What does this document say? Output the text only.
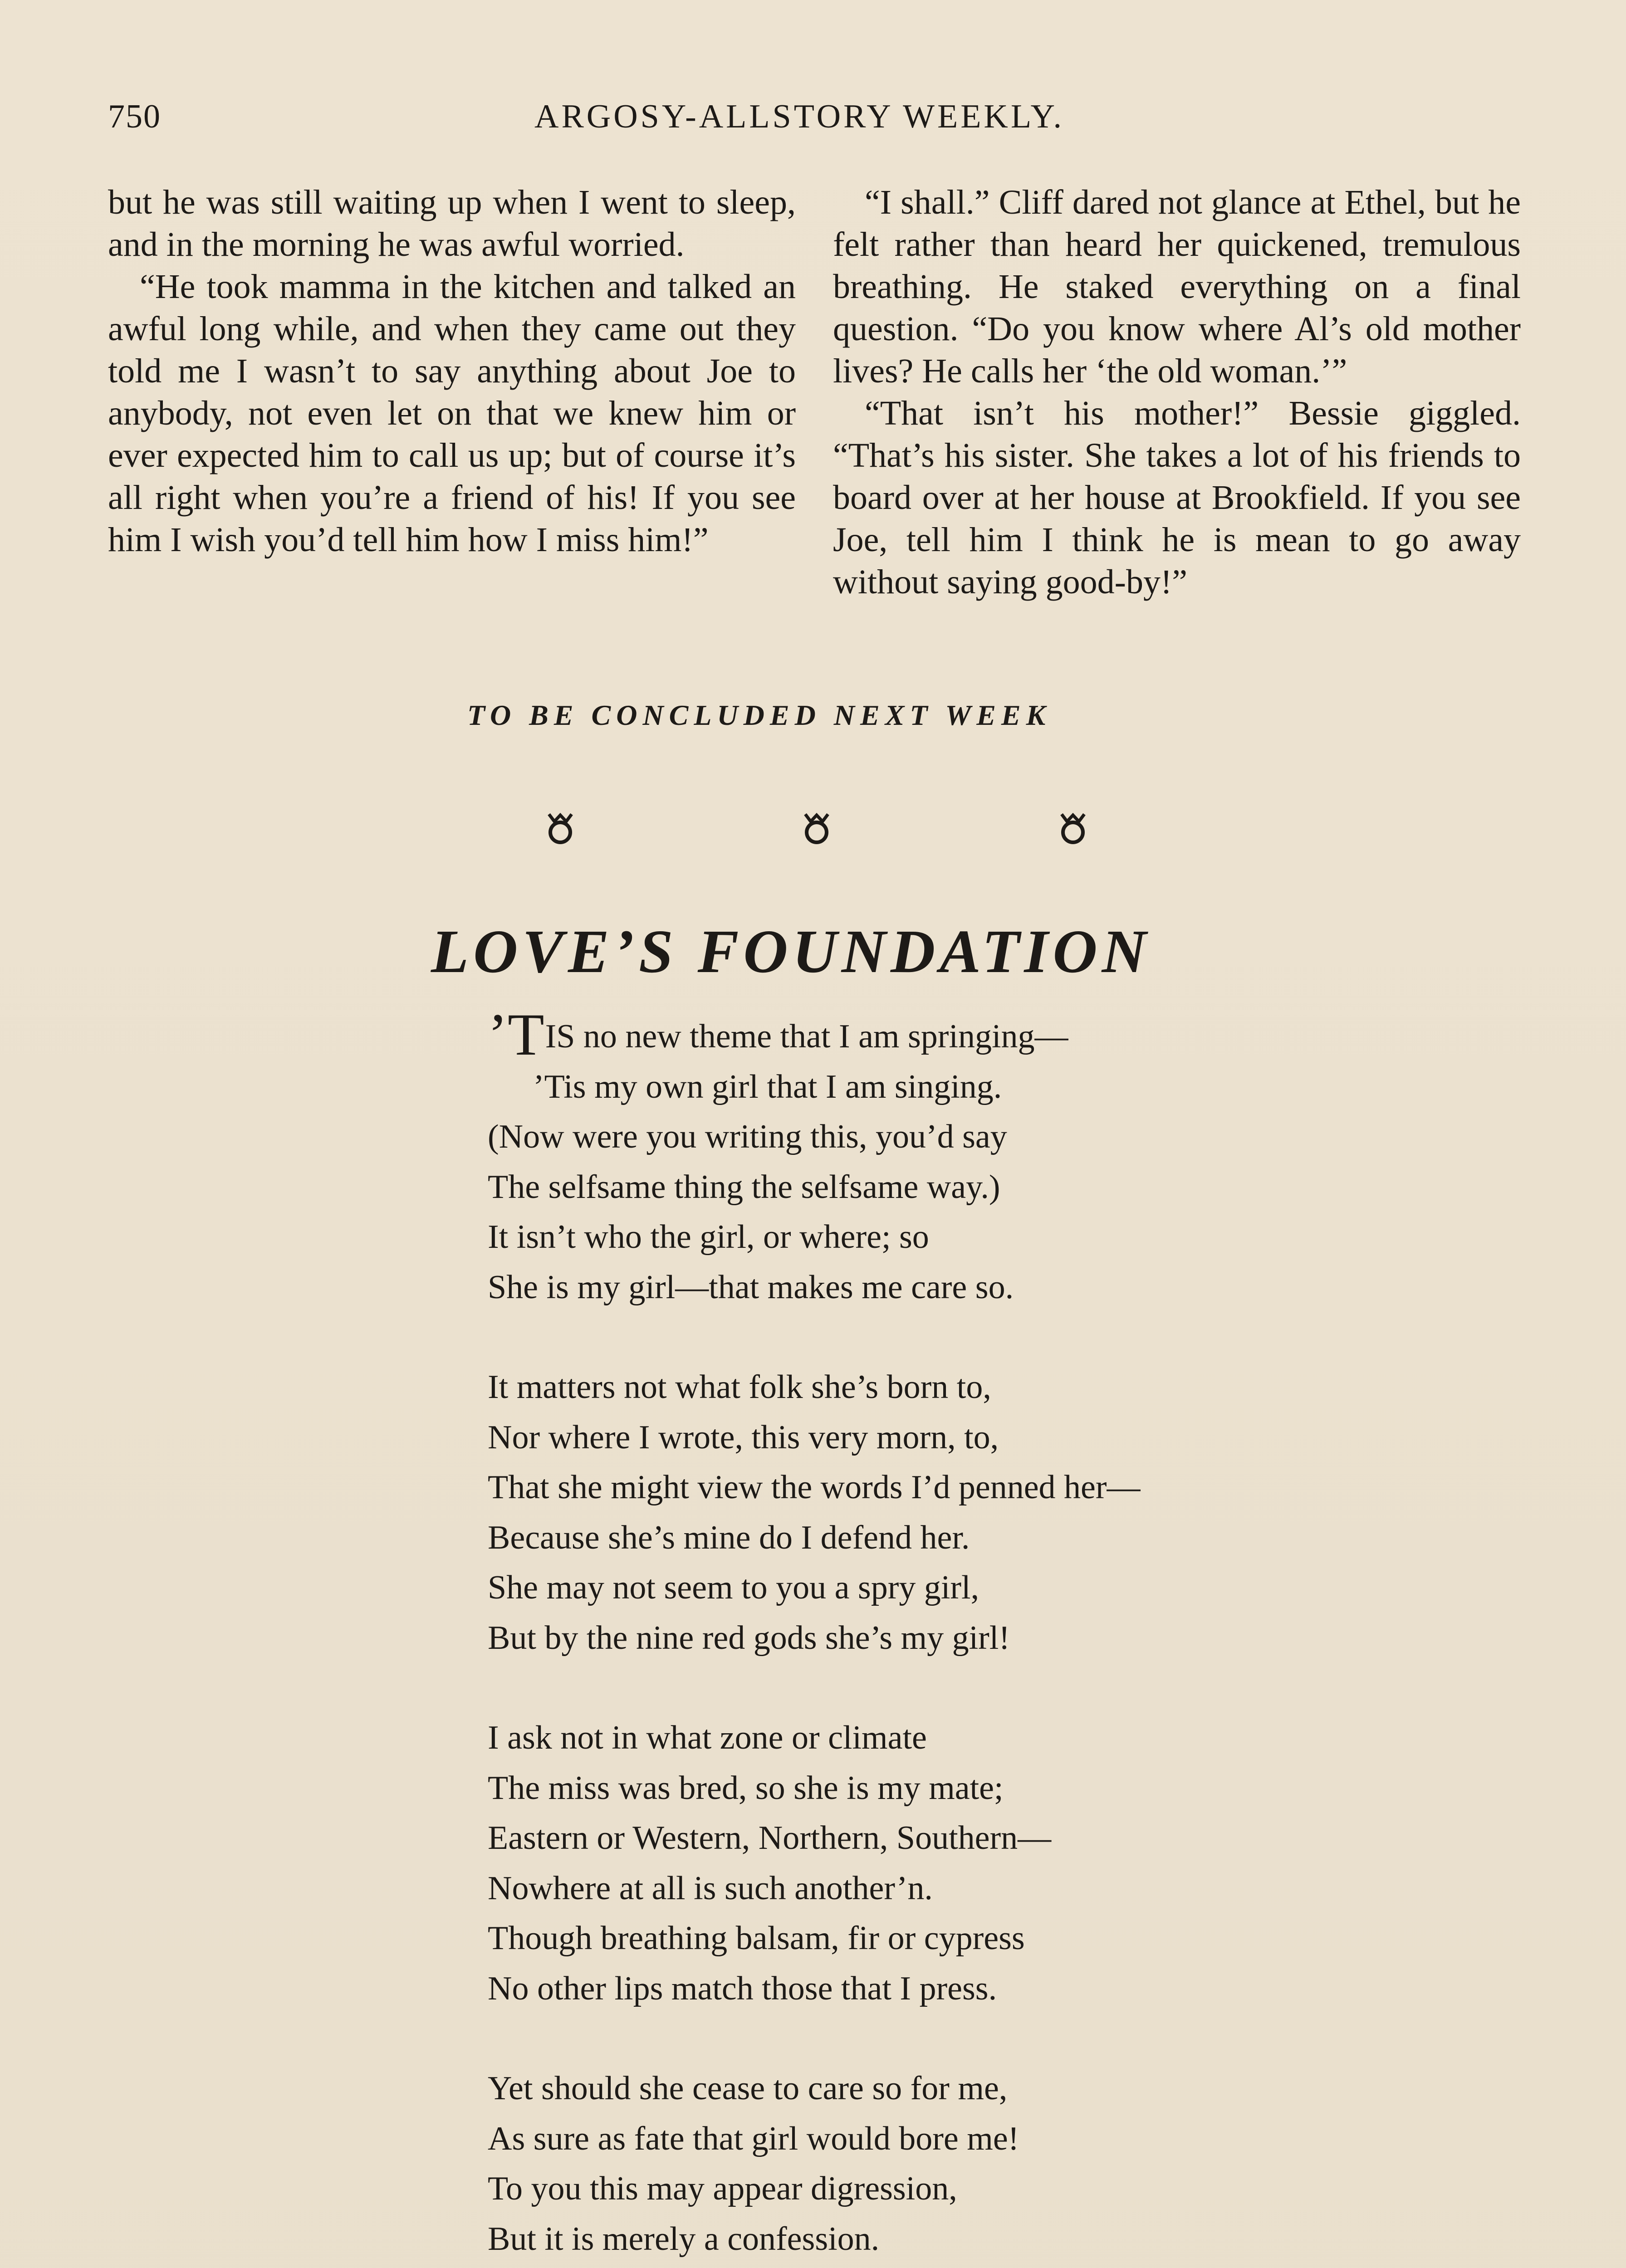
750	ARGOSY-ALLSTORY WEEKLY.

but he was still waiting up when I went to sleep, and in the morning he was awful worried.

“He took mamma in the kitchen and talked an awful long while, and when they came out they told me I wasn’t to say anything about Joe to anybody, not even let on that we knew him or ever expected him to call us up; but of course it’s all right when you’re a friend of his! If you see him I wish you’d tell him how I miss him!”

“I shall.” Cliff dared not glance at Ethel, but he felt rather than heard her quickened, tremulous breathing. He staked everything on a final question. “Do you know where Al’s old mother lives? He calls her ‘the old woman.’”

“That isn’t his mother!” Bessie giggled. “That’s his sister. She takes a lot of his friends to board over at her house at Brookfield. If you see Joe, tell him I think he is mean to go away without saying good-by!”

TO BE CONCLUDED NEXT WEEK
LOVE’S FOUNDATION
’TIS no new theme that I am springing—
’Tis my own girl that I am singing.
(Now were you writing this, you’d say
The selfsame thing the selfsame way.)
It isn’t who the girl, or where; so
She is my girl—that makes me care so.
It matters not what folk she’s born to,
Nor where I wrote, this very morn, to,
That she might view the words I’d penned her—
Because she’s mine do I defend her.
She may not seem to you a spry girl,
But by the nine red gods she’s my girl!
I ask not in what zone or climate
The miss was bred, so she is my mate;
Eastern or Western, Northern, Southern—
Nowhere at all is such another’n.
Though breathing balsam, fir or cypress
No other lips match those that I press.
Yet should she cease to care so for me,
As sure as fate that girl would bore me!
To you this may appear digression,
But it is merely a confession.
